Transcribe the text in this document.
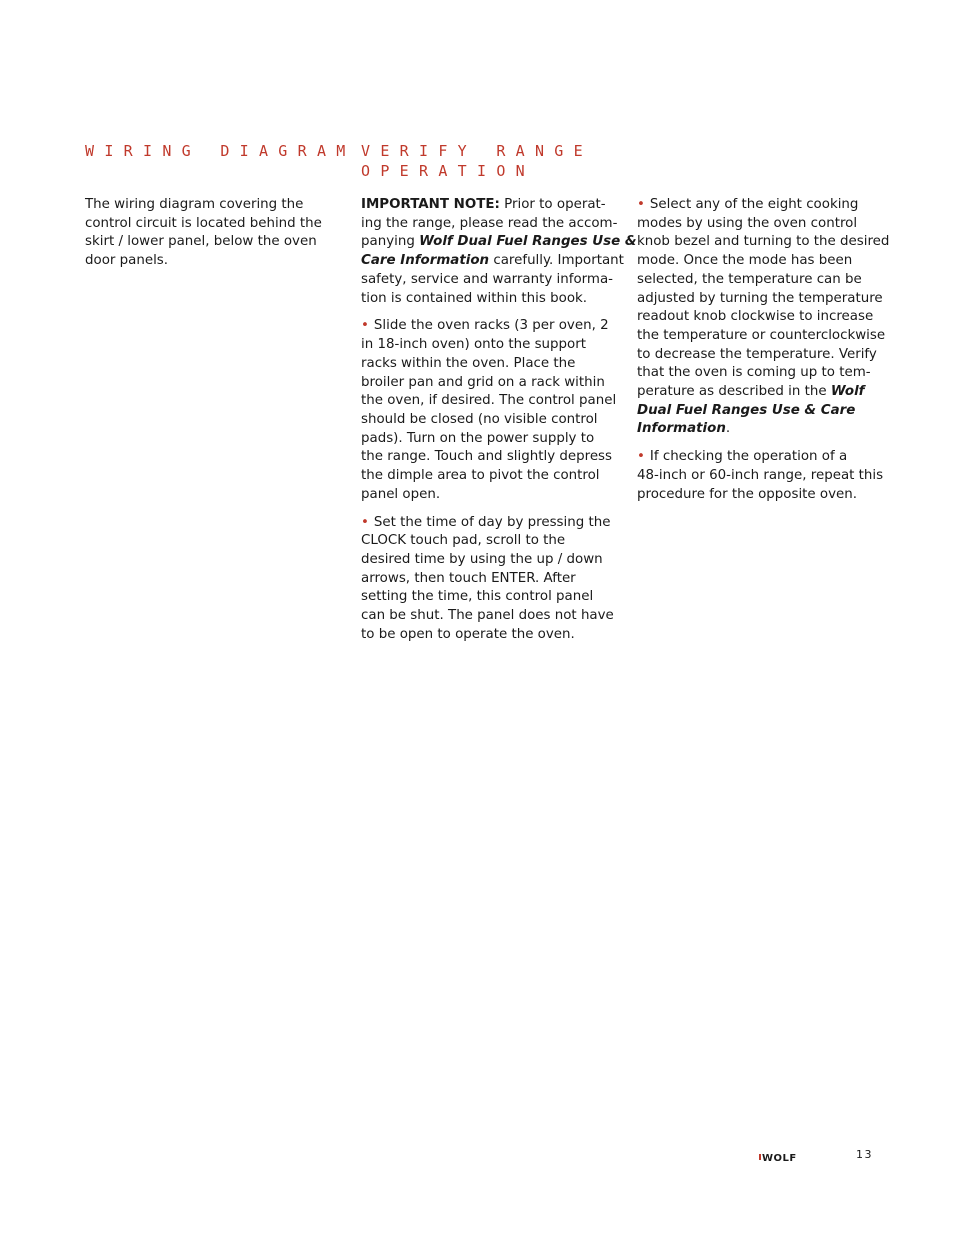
WIRING DIAGRAM

The wiring diagram covering the
control circuit is located behind the
skirt / lower panel, below the oven
door panels.

VERIFY RANGE
OPERATION

IMPORTANT NOTE: Prior to operat-
ing the range, please read the accom-
panying Wolf Dual Fuel Ranges Use &
Care Information carefully. Important
safety, service and warranty informa-
tion is contained within this book.

• Slide the oven racks (3 per oven, 2
in 18-inch oven) onto the support
racks within the oven. Place the
broiler pan and grid on a rack within
the oven, if desired. The control panel
should be closed (no visible control
pads). Turn on the power supply to
the range. Touch and slightly depress
the dimple area to pivot the control
panel open.

• Set the time of day by pressing the
CLOCK touch pad, scroll to the
desired time by using the up / down
arrows, then touch ENTER. After
setting the time, this control panel
can be shut. The panel does not have
to be open to operate the oven.

• Select any of the eight cooking
modes by using the oven control
knob bezel and turning to the desired
mode. Once the mode has been
selected, the temperature can be
adjusted by turning the temperature
readout knob clockwise to increase
the temperature or counterclockwise
to decrease the temperature. Verify
that the oven is coming up to tem-
perature as described in the Wolf
Dual Fuel Ranges Use & Care
Information.

• If checking the operation of a
48-inch or 60-inch range, repeat this
procedure for the opposite oven.

WOLF	13
